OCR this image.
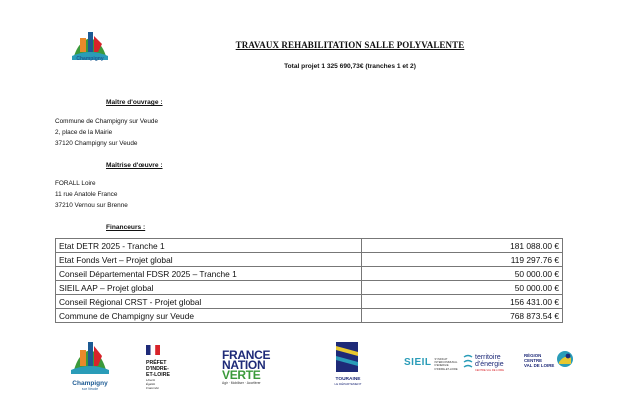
Champigny
TRAVAUX REHABILITATION SALLE POLYVALENTE
Total projet 1 325 690,73€ (tranches 1 et 2)
Maître d'ouvrage :
Commune de Champigny sur Veude
2, place de la Mairie
37120 Champigny sur Veude
Maîtrise d'œuvre :
FORALL Loire
11 rue Anatole France
37210 Vernou sur Brenne
Financeurs :
Etat DETR 2025 - Tranche 1	181 088.00 €
Etat Fonds Vert – Projet global	119 297.76 €
Conseil Départemental FDSR 2025 – Tranche 1	50 000.00 €
SIEIL AAP – Projet global	50 000.00 €
Conseil Régional CRST - Projet global	156 431.00 €
Commune de Champigny sur Veude	768 873.54 €
Champigny
sur Veude
PRÉFET
D'INDRE-
ET-LOIRE
Liberté
Égalité
Fraternité
FRANCE
NATION
VERTE
Agir · Mobiliser · Accélérer
TOURAINE
LE DÉPARTEMENT
SIEIL SYNDICAT
INTERCOMMUNAL
D'ENERGIE
D'INDRE-ET-LOIRE
territoire
d'énergie
CENTRE-VAL DE LOIRE
RÉGION
CENTRE
VAL DE LOIRE
